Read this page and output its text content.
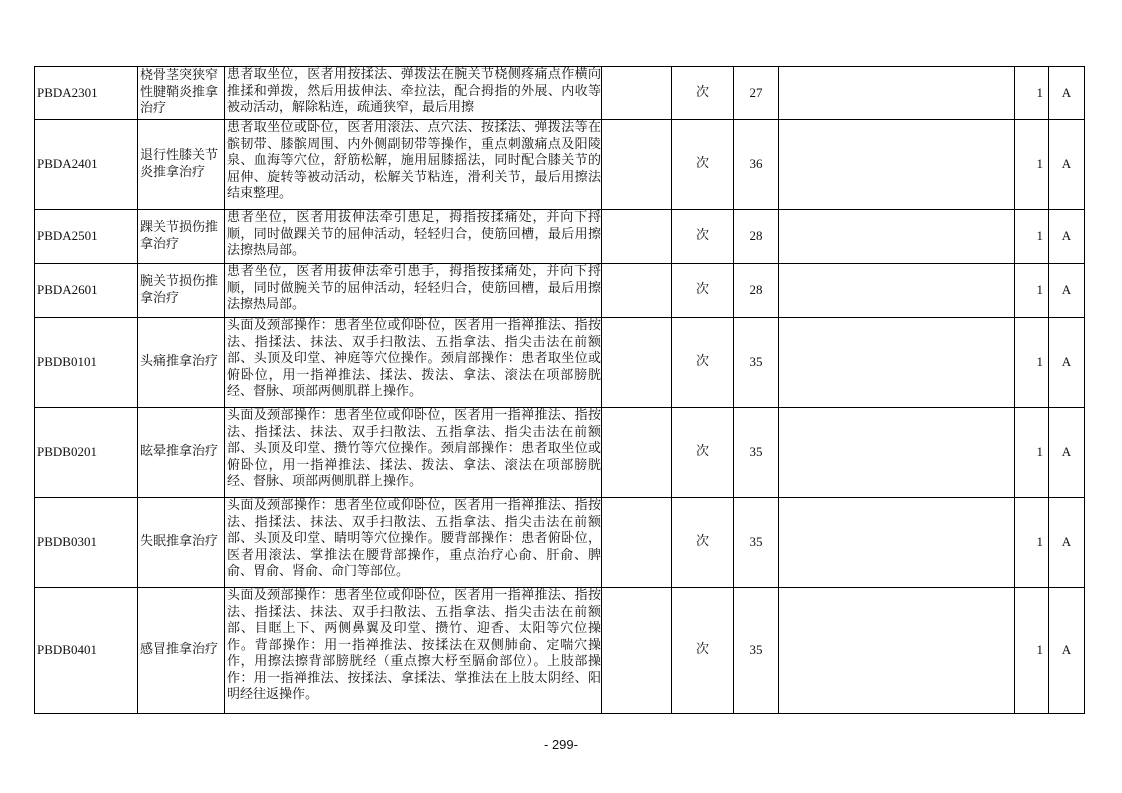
PBDA2301	桡骨茎突狭窄性腱鞘炎推拿治疗	患者取坐位，医者用按揉法、弹拨法在腕关节桡侧疼痛点作横向推揉和弹拨，然后用拔伸法、牵拉法，配合拇指的外展、内收等被动活动，解除粘连，疏通狭窄，最后用擦		次	27		1	A
PBDA2401	退行性膝关节炎推拿治疗	患者取坐位或卧位，医者用滚法、点穴法、按揉法、弹拨法等在髌韧带、膝髌周围、内外侧副韧带等操作，重点刺激痛点及阳陵泉、血海等穴位，舒筋松解，施用屈膝摇法，同时配合膝关节的屈伸、旋转等被动活动，松解关节粘连，滑利关节，最后用擦法结束整理。		次	36		1	A
PBDA2501	踝关节损伤推拿治疗	患者坐位，医者用拔伸法牵引患足，拇指按揉痛处，并向下捋顺，同时做踝关节的屈伸活动，轻轻归合，使筋回槽，最后用擦法擦热局部。		次	28		1	A
PBDA2601	腕关节损伤推拿治疗	患者坐位，医者用拔伸法牵引患手，拇指按揉痛处，并向下捋顺，同时做腕关节的屈伸活动，轻轻归合，使筋回槽，最后用擦法擦热局部。		次	28		1	A
PBDB0101	头痛推拿治疗	头面及颈部操作：患者坐位或仰卧位，医者用一指禅推法、指按法、指揉法、抹法、双手扫散法、五指拿法、指尖击法在前额部、头顶及印堂、神庭等穴位操作。颈肩部操作：患者取坐位或俯卧位，用一指禅推法、揉法、拨法、拿法、滚法在项部膀胱经、督脉、项部两侧肌群上操作。		次	35		1	A
PBDB0201	眩晕推拿治疗	头面及颈部操作：患者坐位或仰卧位，医者用一指禅推法、指按法、指揉法、抹法、双手扫散法、五指拿法、指尖击法在前额部、头顶及印堂、攒竹等穴位操作。颈肩部操作：患者取坐位或俯卧位，用一指禅推法、揉法、拨法、拿法、滚法在项部膀胱经、督脉、项部两侧肌群上操作。		次	35		1	A
PBDB0301	失眠推拿治疗	头面及颈部操作：患者坐位或仰卧位，医者用一指禅推法、指按法、指揉法、抹法、双手扫散法、五指拿法、指尖击法在前额部、头顶及印堂、睛明等穴位操作。腰背部操作：患者俯卧位，医者用滚法、掌推法在腰背部操作，重点治疗心俞、肝俞、脾俞、胃俞、肾俞、命门等部位。		次	35		1	A
PBDB0401	感冒推拿治疗	头面及颈部操作：患者坐位或仰卧位，医者用一指禅推法、指按法、指揉法、抹法、双手扫散法、五指拿法、指尖击法在前额部、目眶上下、两侧鼻翼及印堂、攒竹、迎香、太阳等穴位操作。背部操作：用一指禅推法、按揉法在双侧肺俞、定喘穴操作，用擦法擦背部膀胱经（重点擦大杼至膈俞部位）。上肢部操作：用一指禅推法、按揉法、拿揉法、掌推法在上肢太阴经、阳明经往返操作。		次	35		1	A
- 299-
